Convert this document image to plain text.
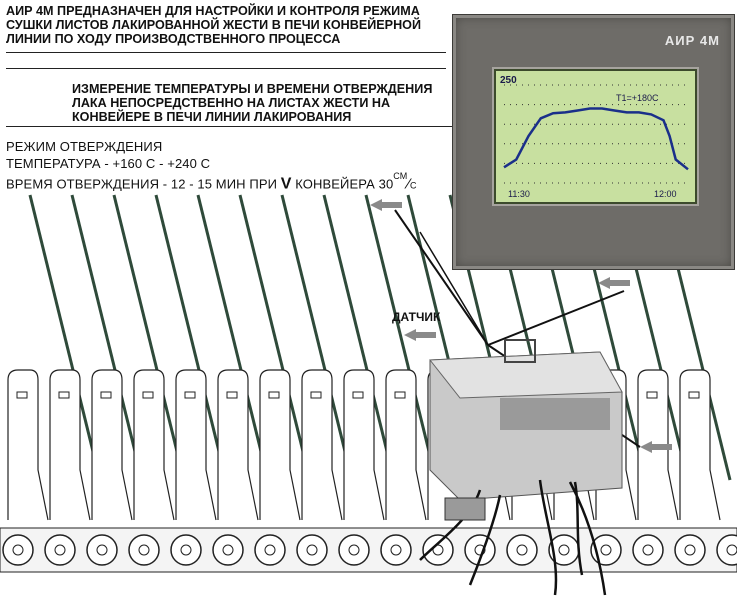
АИР 4М ПРЕДНАЗНАЧЕН ДЛЯ НАСТРОЙКИ И КОНТРОЛЯ РЕЖИМА
СУШКИ ЛИСТОВ ЛАКИРОВАННОЙ ЖЕСТИ В ПЕЧИ КОНВЕЙЕРНОЙ
ЛИНИИ ПО ХОДУ ПРОИЗВОДСТВЕННОГО ПРОЦЕССА
ИЗМЕРЕНИЕ ТЕМПЕРАТУРЫ И ВРЕМЕНИ ОТВЕРЖДЕНИЯ
ЛАКА НЕПОСРЕДСТВЕННО НА ЛИСТАХ ЖЕСТИ НА
КОНВЕЙЕРЕ В ПЕЧИ ЛИНИИ ЛАКИРОВАНИЯ
РЕЖИМ ОТВЕРЖДЕНИЯ
ТЕМПЕРАТУРА - +160 С - +240 С
ВРЕМЯ ОТВЕРЖДЕНИЯ - 12 - 15 МИН ПРИ V КОНВЕЙЕРА $30^{СМ}⁄С$
АИР 4М
250
T1=+180C
11:30	12:00
ДАТЧИК
